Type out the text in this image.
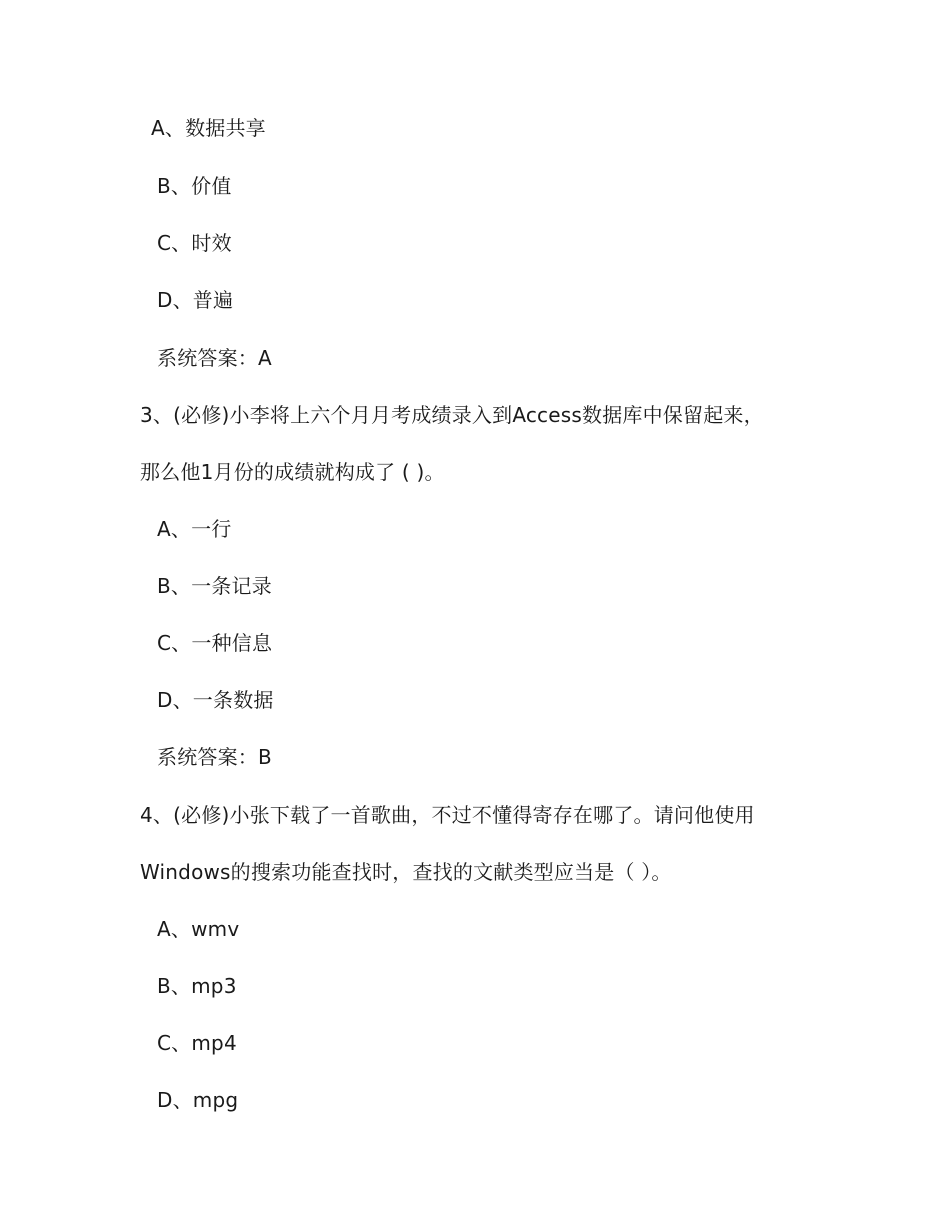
A、数据共享
B、价值
C、时效
D、普遍
系统答案：A
3、(必修)小李将上六个月月考成绩录入到Access数据库中保留起来，
那么他1月份的成绩就构成了 ( )。
A、一行
B、一条记录
C、一种信息
D、一条数据
系统答案：B
4、(必修)小张下载了一首歌曲，不过不懂得寄存在哪了。请问他使用
Windows的搜索功能查找时，查找的文献类型应当是（ ）。
A、wmv
B、mp3
C、mp4
D、mpg
